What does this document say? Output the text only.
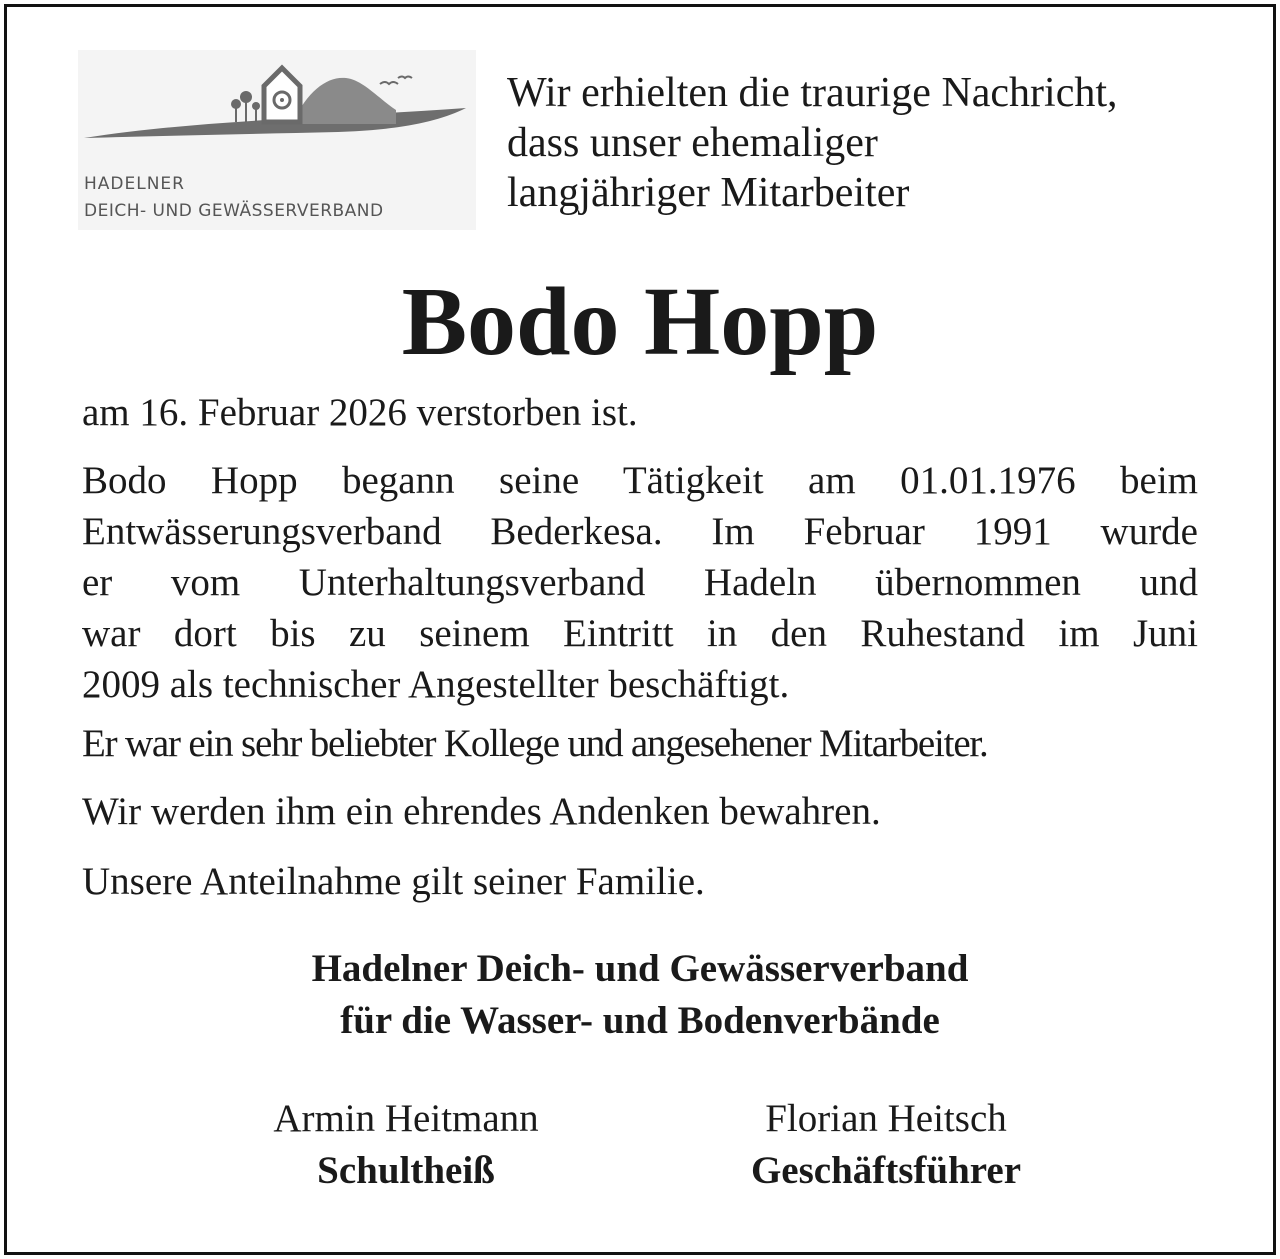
HADELNER
DEICH- UND GEWÄSSERVERBAND
Wir erhielten die traurige Nachricht,
dass unser ehemaliger
langjähriger Mitarbeiter
Bodo Hopp
am 16. Februar 2026 verstorben ist.
Bodo Hopp begann seine Tätigkeit am 01.01.1976 beim
Entwässerungsverband Bederkesa. Im Februar 1991 wurde
er vom Unterhaltungsverband Hadeln übernommen und
war dort bis zu seinem Eintritt in den Ruhestand im Juni
2009 als technischer Angestellter beschäftigt.
Er war ein sehr beliebter Kollege und angesehener Mitarbeiter.
Wir werden ihm ein ehrendes Andenken bewahren.
Unsere Anteilnahme gilt seiner Familie.
Hadelner Deich- und Gewässerverband
für die Wasser- und Bodenverbände
Armin Heitmann
Schultheiß
Florian Heitsch
Geschäftsführer
